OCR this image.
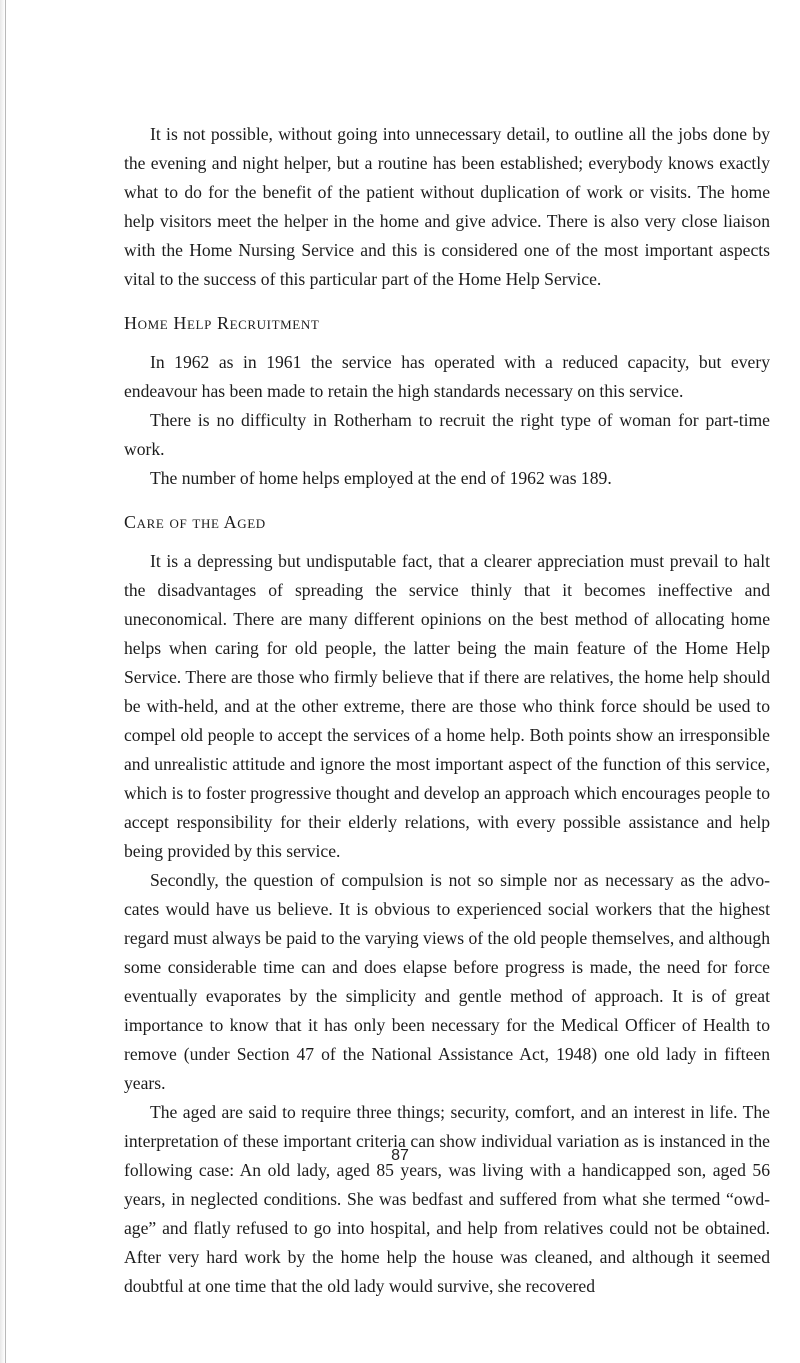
It is not possible, without going into unnecessary detail, to outline all the jobs done by the evening and night helper, but a routine has been established; everybody knows exactly what to do for the benefit of the patient without duplication of work or visits. The home help visitors meet the helper in the home and give advice. There is also very close liaison with the Home Nursing Service and this is considered one of the most important aspects vital to the success of this particular part of the Home Help Service.

Home Help Recruitment

In 1962 as in 1961 the service has operated with a reduced capacity, but every endeavour has been made to retain the high standards necessary on this service.

There is no difficulty in Rotherham to recruit the right type of woman for part-time work.

The number of home helps employed at the end of 1962 was 189.

Care of the Aged

It is a depressing but undisputable fact, that a clearer appreciation must prevail to halt the disadvantages of spreading the service thinly that it becomes ineffective and uneconomical. There are many different opinions on the best method of allocating home helps when caring for old people, the latter being the main feature of the Home Help Service. There are those who firmly believe that if there are relatives, the home help should be with-held, and at the other extreme, there are those who think force should be used to compel old people to accept the services of a home help. Both points show an irresponsible and unrealistic attitude and ignore the most important aspect of the function of this service, which is to foster progressive thought and develop an approach which encourages people to accept responsibility for their elderly relations, with every possible assistance and help being provided by this service.

Secondly, the question of compulsion is not so simple nor as necessary as the advo-cates would have us believe. It is obvious to experienced social workers that the highest regard must always be paid to the varying views of the old people themselves, and although some considerable time can and does elapse before progress is made, the need for force eventually evaporates by the simplicity and gentle method of approach. It is of great importance to know that it has only been necessary for the Medical Officer of Health to remove (under Section 47 of the National Assistance Act, 1948) one old lady in fifteen years.

The aged are said to require three things; security, comfort, and an interest in life. The interpretation of these important criteria can show individual variation as is instanced in the following case: An old lady, aged 85 years, was living with a handicapped son, aged 56 years, in neglected conditions. She was bedfast and suffered from what she termed “owd-age” and flatly refused to go into hospital, and help from relatives could not be obtained. After very hard work by the home help the house was cleaned, and although it seemed doubtful at one time that the old lady would survive, she recovered

87
